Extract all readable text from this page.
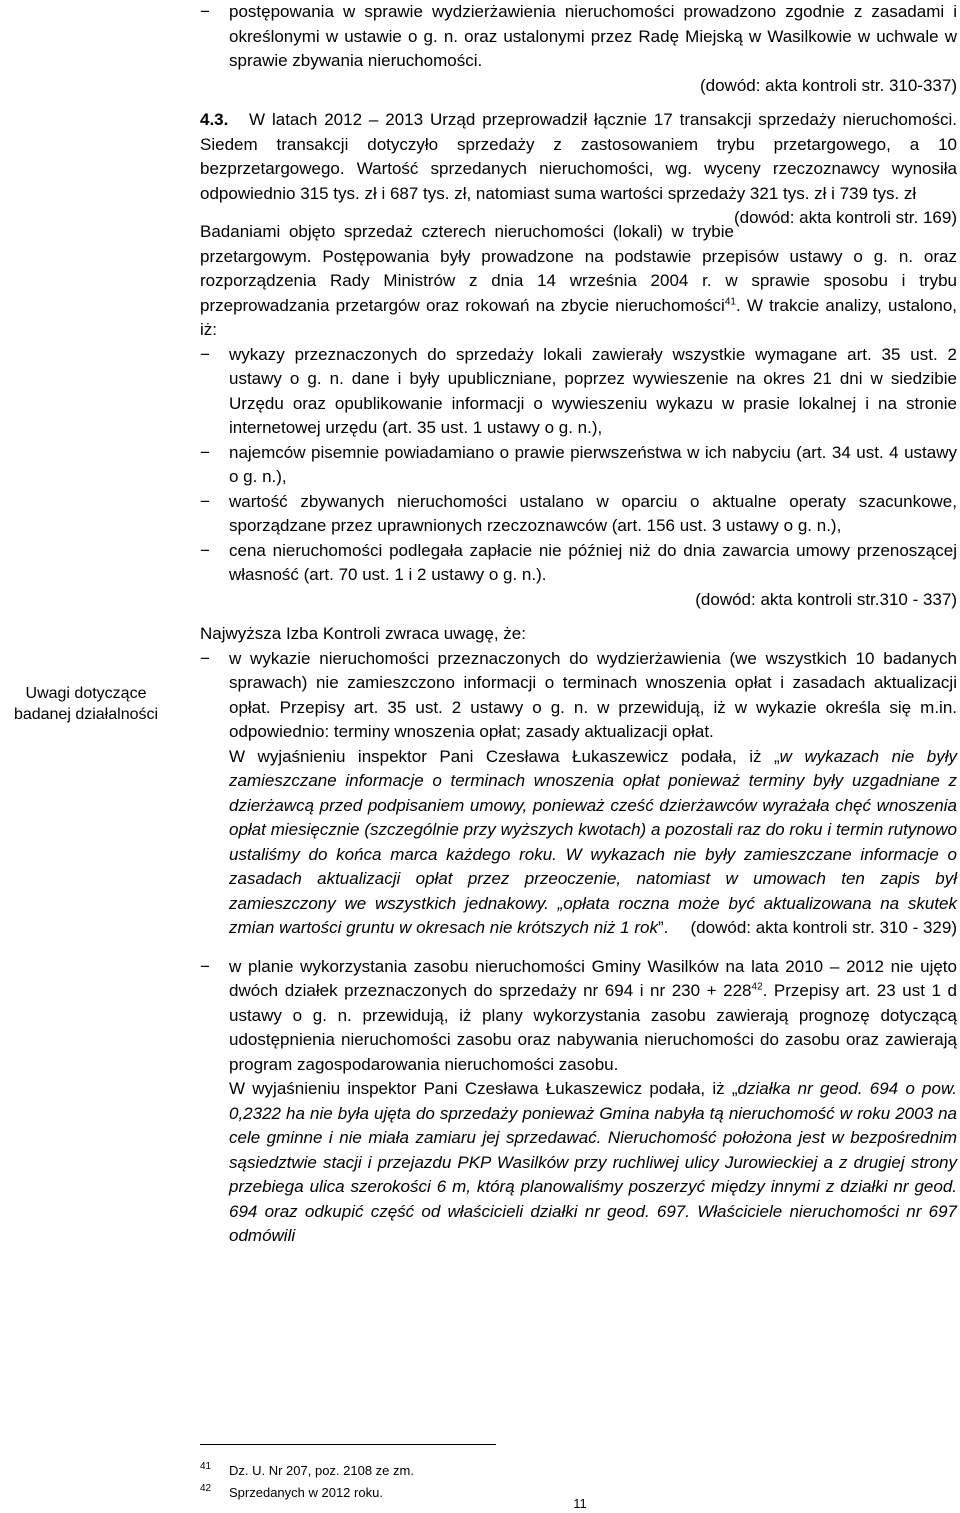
Uwagi dotyczące badanej działalności
− postępowania w sprawie wydzierżawienia nieruchomości prowadzono zgodnie z zasadami i określonymi w ustawie o g. n. oraz ustalonymi przez Radę Miejską w Wasilkowie w uchwale w sprawie zbywania nieruchomości.

(dowód: akta kontroli str. 310-337)

4.3. W latach 2012 – 2013 Urząd przeprowadził łącznie 17 transakcji sprzedaży nieruchomości. Siedem transakcji dotyczyło sprzedaży z zastosowaniem trybu przetargowego, a 10 bezprzetargowego. Wartość sprzedanych nieruchomości, wg. wyceny rzeczoznawcy wynosiła odpowiednio 315 tys. zł i 687 tys. zł, natomiast suma wartości sprzedaży 321 tys. zł i 739 tys. zł
(dowód: akta kontroli str. 169)

Badaniami objęto sprzedaż czterech nieruchomości (lokali) w trybie przetargowym. Postępowania były prowadzone na podstawie przepisów ustawy o g. n. oraz rozporządzenia Rady Ministrów z dnia 14 września 2004 r. w sprawie sposobu i trybu przeprowadzania przetargów oraz rokowań na zbycie nieruchomości$^{41}$. W trakcie analizy, ustalono, iż:

− wykazy przeznaczonych do sprzedaży lokali zawierały wszystkie wymagane art. 35 ust. 2 ustawy o g. n. dane i były upubliczniane, poprzez wywieszenie na okres 21 dni w siedzibie Urzędu oraz opublikowanie informacji o wywieszeniu wykazu w prasie lokalnej i na stronie internetowej urzędu (art. 35 ust. 1 ustawy o g. n.),

− najemców pisemnie powiadamiano o prawie pierwszeństwa w ich nabyciu (art. 34 ust. 4 ustawy o g. n.),

− wartość zbywanych nieruchomości ustalano w oparciu o aktualne operaty szacunkowe, sporządzane przez uprawnionych rzeczoznawców (art. 156 ust. 3 ustawy o g. n.),

− cena nieruchomości podlegała zapłacie nie później niż do dnia zawarcia umowy przenoszącej własność (art. 70 ust. 1 i 2 ustawy o g. n.).

(dowód: akta kontroli str.310 - 337)

Najwyższa Izba Kontroli zwraca uwagę, że:

− w wykazie nieruchomości przeznaczonych do wydzierżawienia (we wszystkich 10 badanych sprawach) nie zamieszczono informacji o terminach wnoszenia opłat i zasadach aktualizacji opłat. Przepisy art. 35 ust. 2 ustawy o g. n. w przewidują, iż w wykazie określa się m.in. odpowiednio: terminy wnoszenia opłat; zasady aktualizacji opłat.

W wyjaśnieniu inspektor Pani Czesława Łukaszewicz podała, iż „w wykazach nie były zamieszczane informacje o terminach wnoszenia opłat ponieważ terminy były uzgadniane z dzierżawcą przed podpisaniem umowy, ponieważ cześć dzierżawców wyrażała chęć wnoszenia opłat miesięcznie (szczególnie przy wyższych kwotach) a pozostali raz do roku i termin rutynowo ustaliśmy do końca marca każdego roku. W wykazach nie były zamieszczane informacje o zasadach aktualizacji opłat przez przeoczenie, natomiast w umowach ten zapis był zamieszczony we wszystkich jednakowy. „opłata roczna może być aktualizowana na skutek zmian wartości gruntu w okresach nie krótszych niż 1 rok”. (dowód: akta kontroli str. 310 - 329)

− w planie wykorzystania zasobu nieruchomości Gminy Wasilków na lata 2010 – 2012 nie ujęto dwóch działek przeznaczonych do sprzedaży nr 694 i nr $230 + 228^{42}$. Przepisy art. 23 ust 1 d ustawy o g. n. przewidują, iż plany wykorzystania zasobu zawierają prognozę dotyczącą udostępnienia nieruchomości zasobu oraz nabywania nieruchomości do zasobu oraz zawierają program zagospodarowania nieruchomości zasobu.

W wyjaśnieniu inspektor Pani Czesława Łukaszewicz podała, iż „działka nr geod. 694 o pow. 0,2322 ha nie była ujęta do sprzedaży ponieważ Gmina nabyła tą nieruchomość w roku 2003 na cele gminne i nie miała zamiaru jej sprzedawać. Nieruchomość położona jest w bezpośrednim sąsiedztwie stacji i przejazdu PKP Wasilków przy ruchliwej ulicy Jurowieckiej a z drugiej strony przebiega ulica szerokości 6 m, którą planowaliśmy poszerzyć między innymi z działki nr geod. 694 oraz odkupić część od właścicieli działki nr geod. 697. Właściciele nieruchomości nr 697 odmówili

41 Dz. U. Nr 207, poz. 2108 ze zm.
42 Sprzedanych w 2012 roku.
11
